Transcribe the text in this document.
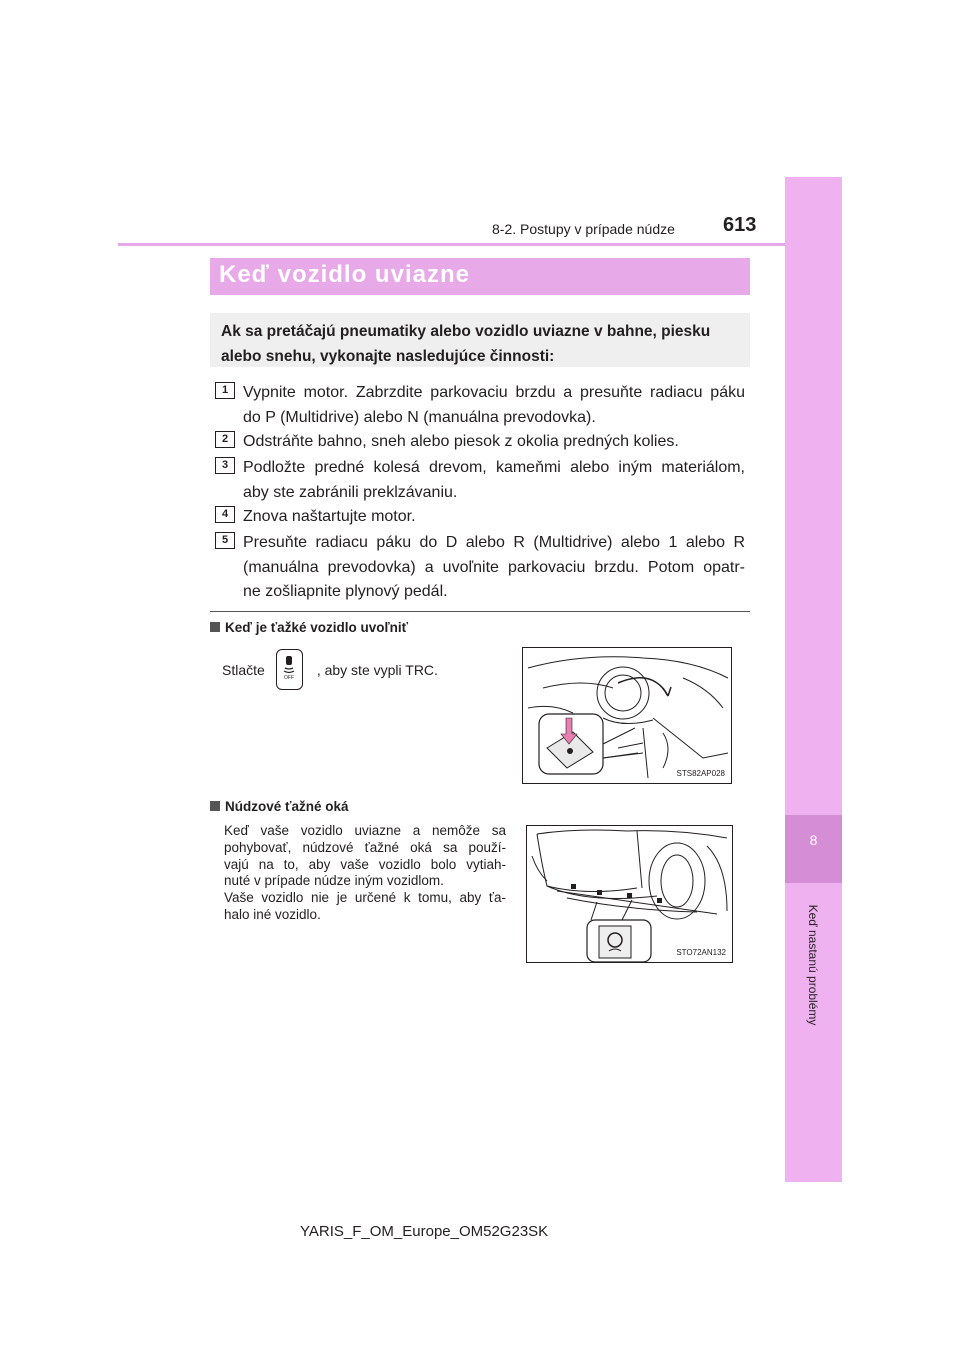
8-2. Postupy v prípade núdze 613
8
Keď nastanú problémy
Keď vozidlo uviazne
Ak sa pretáčajú pneumatiky alebo vozidlo uviazne v bahne, piesku
alebo snehu, vykonajte nasledujúce činnosti:
1 Vypnite motor. Zabrzdite parkovaciu brzdu a presuňte radiacu páku
do P (Multidrive) alebo N (manuálna prevodovka).
2 Odstráňte bahno, sneh alebo piesok z okolia predných kolies.
3 Podložte predné kolesá drevom, kameňmi alebo iným materiálom,
aby ste zabránili preklzávaniu.
4 Znova naštartujte motor.
5 Presuňte radiacu páku do D alebo R (Multidrive) alebo 1 alebo R
(manuálna prevodovka) a uvoľnite parkovaciu brzdu. Potom opatr-
ne zošliapnite plynový pedál.
Keď je ťažké vozidlo uvoľniť
Stlačte	, aby ste vypli TRC.
OFF
STS82AP028
Núdzové ťažné oká
Keď vaše vozidlo uviazne a nemôže sa
pohybovať, núdzové ťažné oká sa použí-
vajú na to, aby vaše vozidlo bolo vytiah-
nuté v prípade núdze iným vozidlom.
Vaše vozidlo nie je určené k tomu, aby ťa-
halo iné vozidlo.
STO72AN132
YARIS_F_OM_Europe_OM52G23SK
